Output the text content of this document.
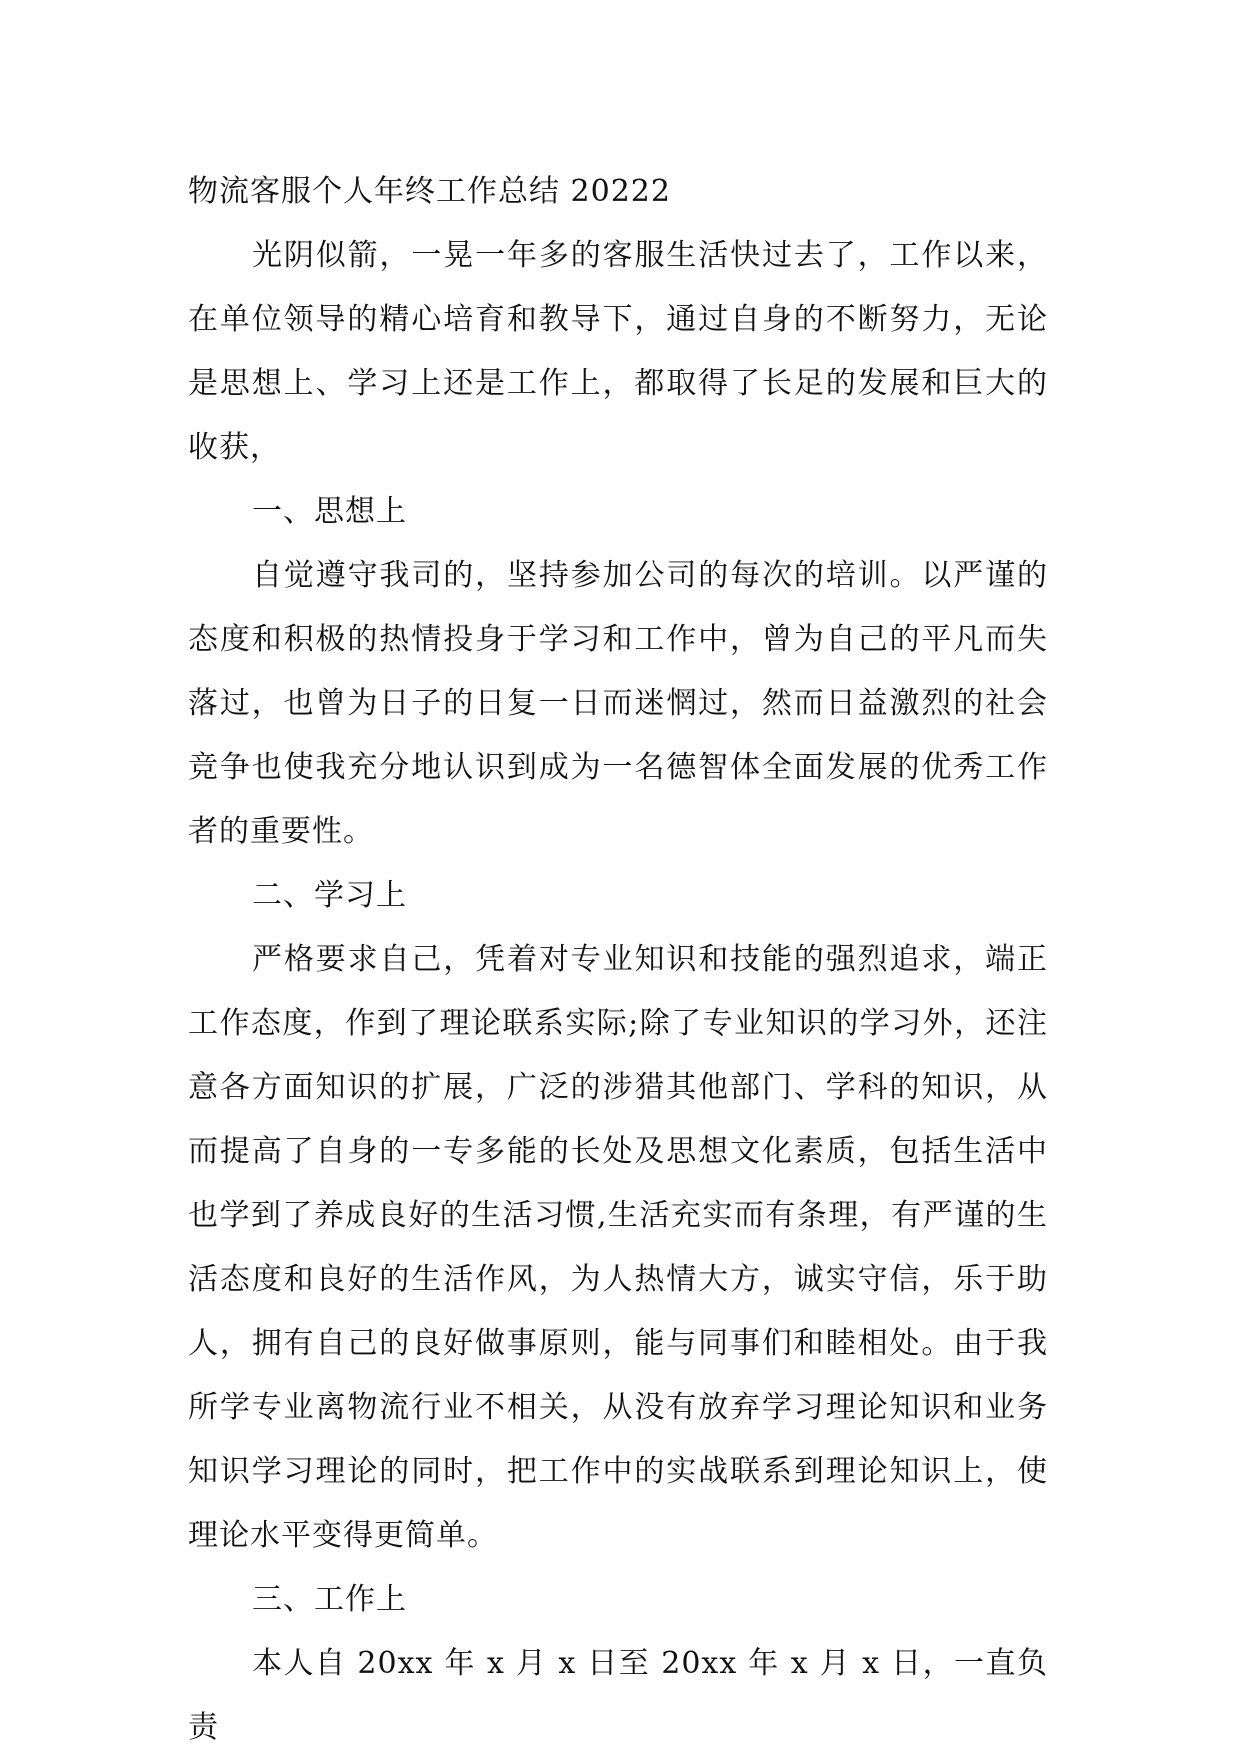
物流客服个人年终工作总结 20222

光阴似箭，一晃一年多的客服生活快过去了，工作以来，在单位领导的精心培育和教导下，通过自身的不断努力，无论是思想上、学习上还是工作上，都取得了长足的发展和巨大的收获，

一、思想上

自觉遵守我司的，坚持参加公司的每次的培训。以严谨的态度和积极的热情投身于学习和工作中，曾为自己的平凡而失落过，也曾为日子的日复一日而迷惘过，然而日益激烈的社会竞争也使我充分地认识到成为一名德智体全面发展的优秀工作者的重要性。

二、学习上

严格要求自己，凭着对专业知识和技能的强烈追求，端正工作态度，作到了理论联系实际;除了专业知识的学习外，还注意各方面知识的扩展，广泛的涉猎其他部门、学科的知识，从而提高了自身的一专多能的长处及思想文化素质，包括生活中也学到了养成良好的生活习惯,生活充实而有条理，有严谨的生活态度和良好的生活作风，为人热情大方，诚实守信，乐于助人，拥有自己的良好做事原则，能与同事们和睦相处。由于我所学专业离物流行业不相关，从没有放弃学习理论知识和业务知识学习理论的同时，把工作中的实战联系到理论知识上，使理论水平变得更简单。

三、工作上

本人自 20xx 年 x 月 x 日至 20xx 年 x 月 x 日，一直负责
